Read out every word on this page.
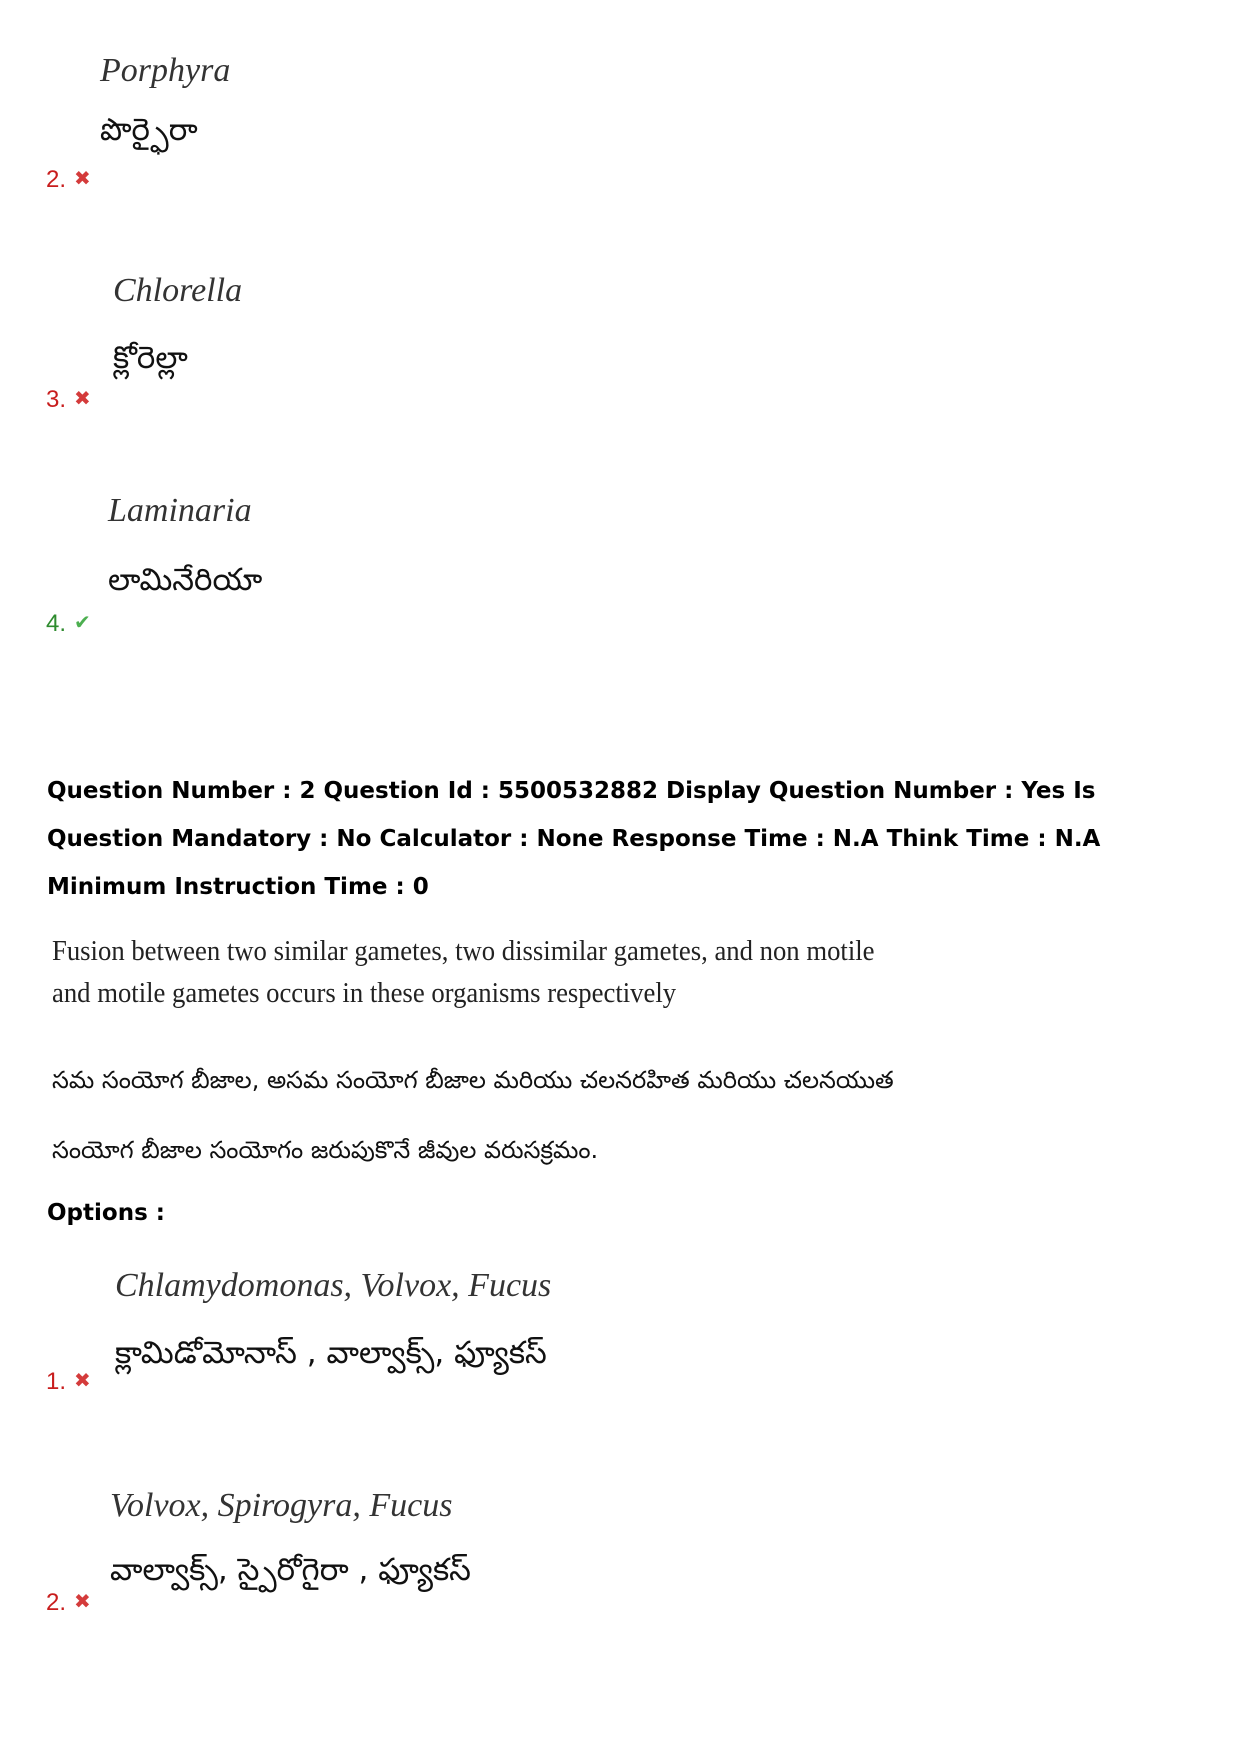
Porphyra
పొర్ఫైరా
2. ✖
Chlorella
క్లోరెల్లా
3. ✖
Laminaria
లామినేరియా
4. ✔
Question Number : 2 Question Id : 5500532882 Display Question Number : Yes Is Question Mandatory : No Calculator : None Response Time : N.A Think Time : N.A Minimum Instruction Time : 0
Fusion between two similar gametes, two dissimilar gametes, and non motile and motile gametes occurs in these organisms respectively
సమ సంయోగ బీజాల, అసమ సంయోగ బీజాల మరియు చలనరహిత మరియు చలనయుత
సంయోగ బీజాల సంయోగం జరుపుకొనే జీవుల వరుసక్రమం.
Options :
Chlamydomonas, Volvox, Fucus
క్లామిడోమోనాస్ , వాల్వాక్స్, ఫ్యూకస్
1. ✖
Volvox, Spirogyra, Fucus
వాల్వాక్స్, స్పైరోగైరా , ఫ్యూకస్
2. ✖
